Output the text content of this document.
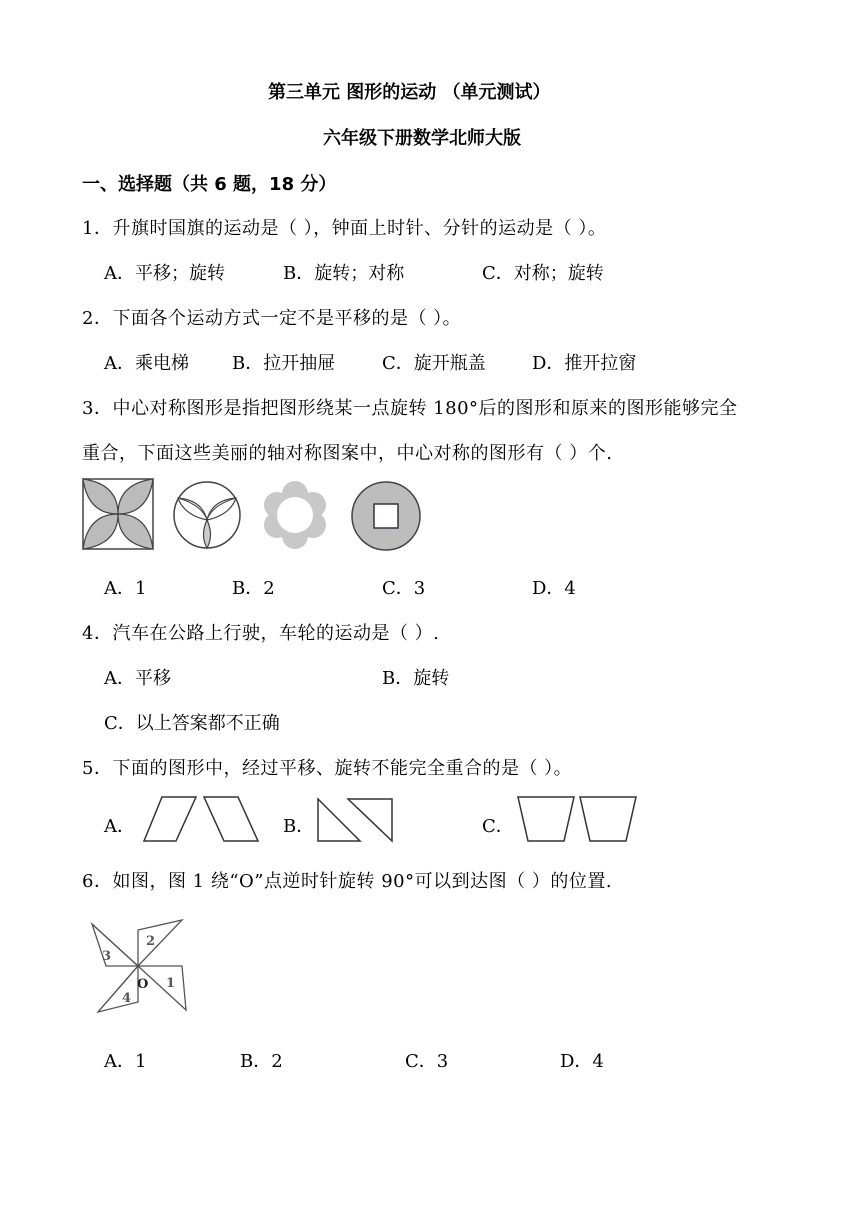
第三单元 图形的运动 （单元测试）
六年级下册数学北师大版
一、选择题（共 6 题，18 分）
1．升旗时国旗的运动是（ ），钟面上时针、分针的运动是（ ）。
A．平移；旋转	B．旋转；对称	C．对称；旋转
2．下面各个运动方式一定不是平移的是（ ）。
A．乘电梯 B．拉开抽屉	C．旋开瓶盖	D．推开拉窗
3．中心对称图形是指把图形绕某一点旋转 180°后的图形和原来的图形能够完全
重合，下面这些美丽的轴对称图案中，中心对称的图形有（ ）个.
A．1	B．2	C．3	D．4
4．汽车在公路上行驶，车轮的运动是（ ）.
A．平移	B．旋转
C．以上答案都不正确
5．下面的图形中，经过平移、旋转不能完全重合的是（ ）。
A．	B．	C．
6．如图，图 1 绕“O”点逆时针旋转 90°可以到达图（ ）的位置.
1
2
3
4
O
A．1	B．2	C．3	D．4
